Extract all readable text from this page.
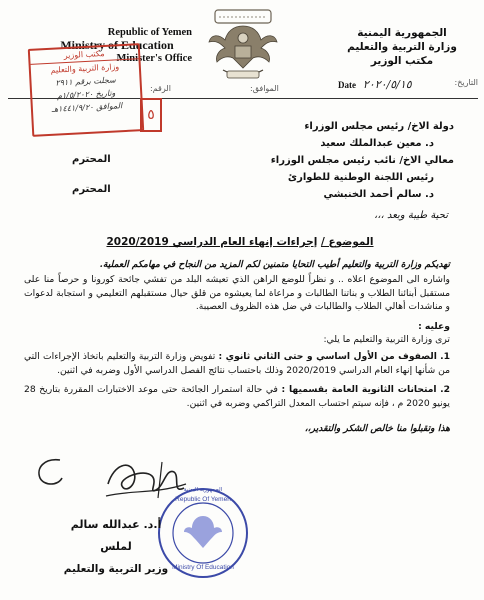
Republic of Yemen
Ministry of Education
Minister's Office
الجمهورية اليمنية
وزارة التربية والتعليم
مكتب الوزير
الرقم:	الموافق:	Date ٢٠٢٠/٥/١٥	التاريخ:
مكتب الوزير
وزارة التربية والتعليم
سجلت برقم ٢٩١١
وتاريخ ١/٥/٢٠٢٠م
الموافق ١٤٤١/٩/٢٠هـ
٥
دولة الاخ/ رئيس مجلس الوزراء
د. معين عبدالملك سعيد
معالي الاخ/ نائب رئيس مجلس الوزراء
رئيس اللجنة الوطنية للطوارئ
د. سالم أحمد الخنبشي
المحترم
المحترم
تحية طيبة وبعد ،،،
الموضوع / إجراءات إنهاء العام الدراسي 2020/2019
تهديكم وزارة التربية والتعليم أطيب التحايا متمنين لكم المزيد من النجاح في مهامكم العملية.
واشاره الى الموضوع اعلاه .. و نظراً للوضع الراهن الذي تعيشه البلد من تفشي جائحة كورونا و حرصاً منا على مستقبل أبنائنا الطلاب و بناتنا الطالبات و مراعاة لما يعيشوه من قلق حيال مستقبلهم التعليمي و استجابة لدعوات و مناشدات أهالي الطلاب والطالبات في ضل هذه الظروف العصيبة.
وعليه :
ترى وزارة التربية والتعليم ما يلي:
1. الصفوف من الأول اساسي و حتى الثاني ثانوي : تفويض وزارة التربية والتعليم باتخاذ الإجراءات التي من شأنها إنهاء العام الدراسي 2020/2019 وذلك باحتساب نتائج الفصل الدراسي الأول وضربه في اثنين.
2. امتحانات الثانوية العامة بقسميها : في حالة استمرار الجائحة حتى موعد الاختبارات المقررة بتاريخ 28 يونيو 2020 م ، فإنه سيتم احتساب المعدل التراكمي وضربه في اثنين.
هذا وتقبلوا منا خالص الشكر والتقدير،،
Republic Of Yemen
الجمهورية اليمنية
Ministry Of Education
أ.د. عبدالله سالم لملس
وزير التربية والتعليم
